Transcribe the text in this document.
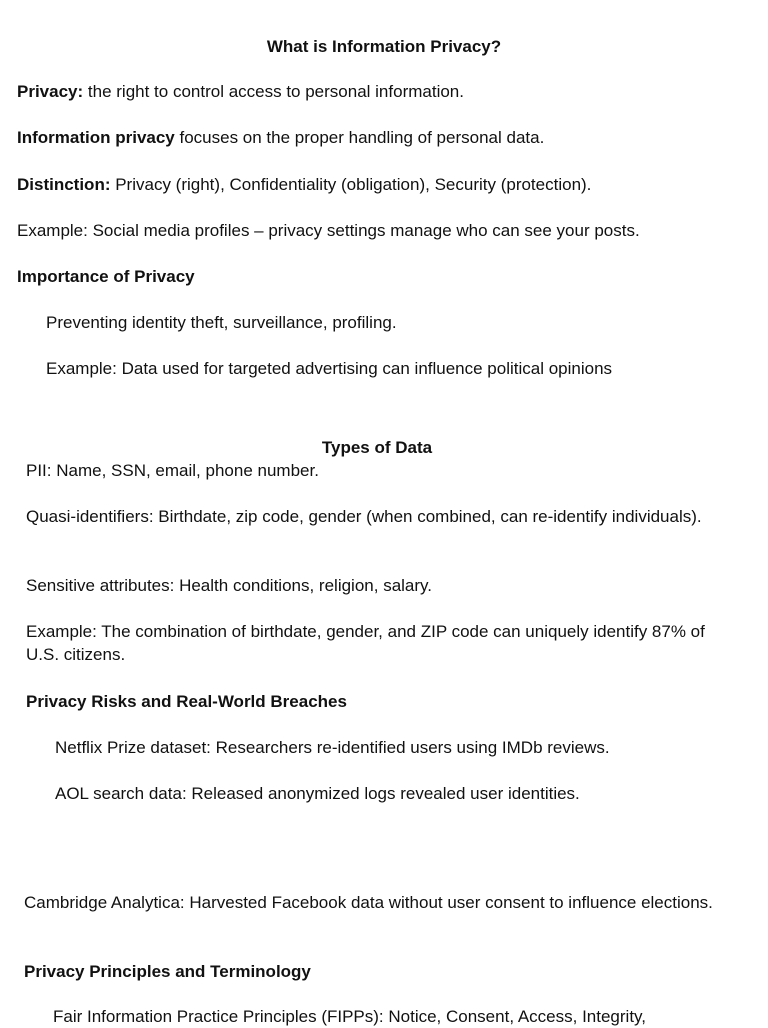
What is Information Privacy?

Privacy: the right to control access to personal information.

Information privacy focuses on the proper handling of personal data.

Distinction: Privacy (right), Confidentiality (obligation), Security (protection).

Example: Social media profiles – privacy settings manage who can see your posts.

Importance of Privacy

Preventing identity theft, surveillance, profiling.

Example: Data used for targeted advertising can influence political opinions

Types of Data

PII: Name, SSN, email, phone number.

Quasi-identifiers: Birthdate, zip code, gender (when combined, can re-identify individuals).

Sensitive attributes: Health conditions, religion, salary.

Example: The combination of birthdate, gender, and ZIP code can uniquely identify 87% of U.S. citizens.

Privacy Risks and Real-World Breaches

Netflix Prize dataset: Researchers re-identified users using IMDb reviews.

AOL search data: Released anonymized logs revealed user identities.

Cambridge Analytica: Harvested Facebook data without user consent to influence elections.

Privacy Principles and Terminology

Fair Information Practice Principles (FIPPs): Notice, Consent, Access, Integrity,
